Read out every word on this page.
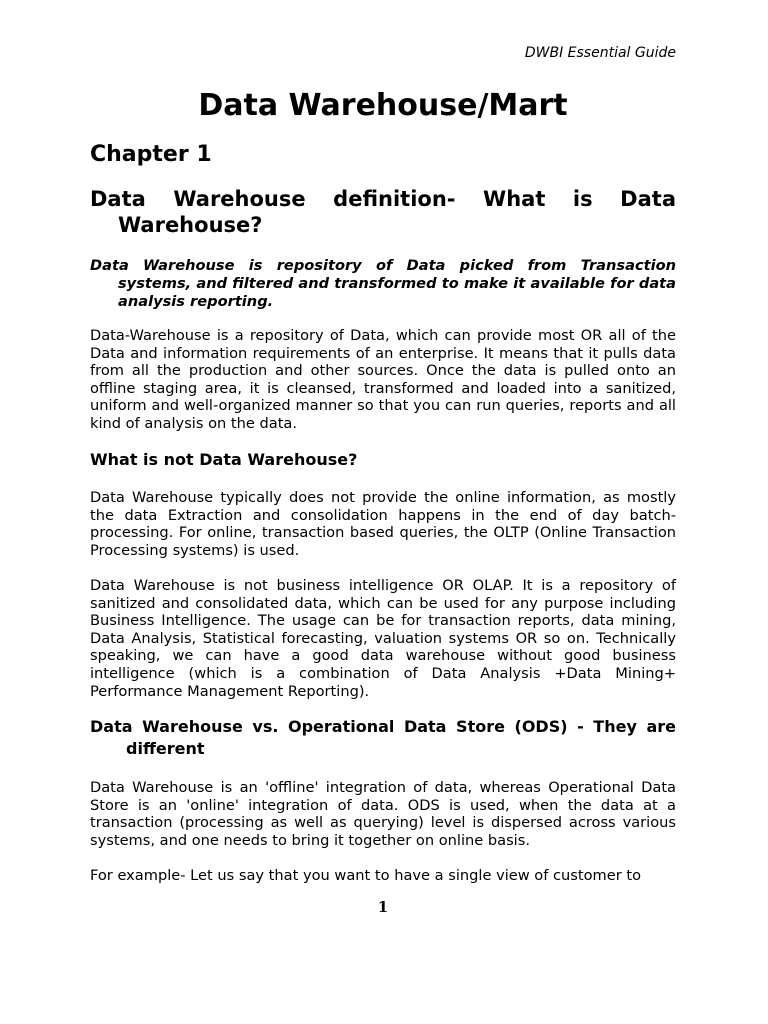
DWBI Essential Guide
Data Warehouse/Mart
Chapter 1
Data Warehouse definition- What is Data Warehouse?

Data Warehouse is repository of Data picked from Transaction systems, and filtered and transformed to make it available for data analysis reporting.

Data-Warehouse is a repository of Data, which can provide most OR all of the Data and information requirements of an enterprise. It means that it pulls data from all the production and other sources. Once the data is pulled onto an offline staging area, it is cleansed, transformed and loaded into a sanitized, uniform and well-organized manner so that you can run queries, reports and all kind of analysis on the data.

What is not Data Warehouse?

Data Warehouse typically does not provide the online information, as mostly the data Extraction and consolidation happens in the end of day batch-processing. For online, transaction based queries, the OLTP (Online Transaction Processing systems) is used.

Data Warehouse is not business intelligence OR OLAP. It is a repository of sanitized and consolidated data, which can be used for any purpose including Business Intelligence. The usage can be for transaction reports, data mining, Data Analysis, Statistical forecasting, valuation systems OR so on. Technically speaking, we can have a good data warehouse without good business intelligence (which is a combination of Data Analysis +Data Mining+ Performance Management Reporting).

Data Warehouse vs. Operational Data Store (ODS) - They are different

Data Warehouse is an 'offline' integration of data, whereas Operational Data Store is an 'online' integration of data. ODS is used, when the data at a transaction (processing as well as querying) level is dispersed across various systems, and one needs to bring it together on online basis.

For example- Let us say that you want to have a single view of customer to

1
